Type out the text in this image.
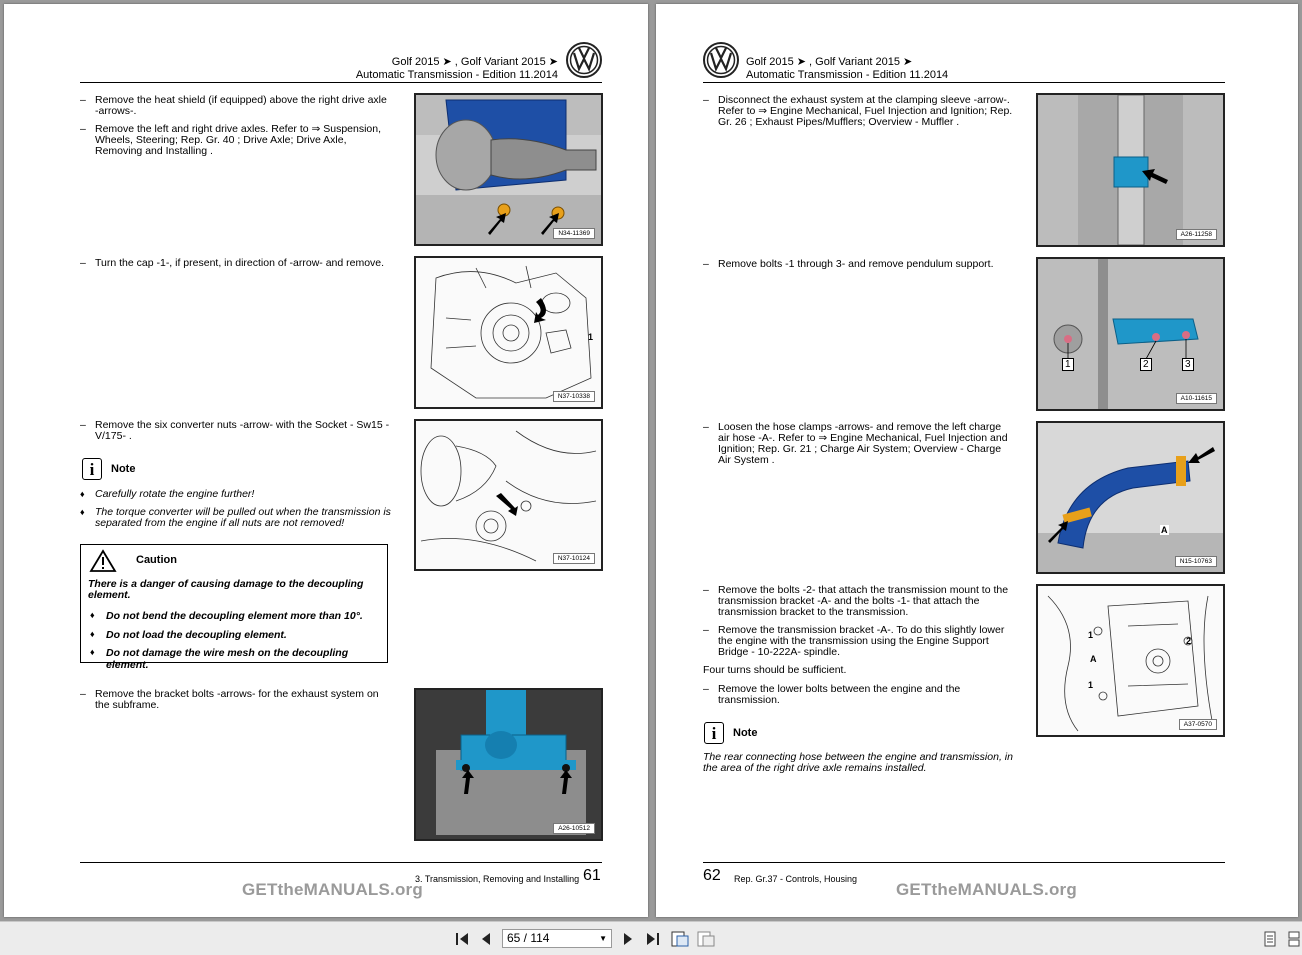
Golf 2015 ➤ , Golf Variant 2015 ➤
Automatic Transmission - Edition 11.2014
– Remove the heat shield (if equipped) above the right drive axle -arrows-.
– Remove the left and right drive axles. Refer to ⇒ Suspension, Wheels, Steering; Rep. Gr. 40 ; Drive Axle; Drive Axle, Removing and Installing .
– Turn the cap -1-, if present, in direction of -arrow- and remove.
– Remove the six converter nuts -arrow- with the Socket - Sw15 - V/175- .
i	Note
♦ Carefully rotate the engine further!
♦ The torque converter will be pulled out when the transmission is separated from the engine if all nuts are not removed!
Caution
There is a danger of causing damage to the decoupling element.
♦	Do not bend the decoupling element more than 10°.
♦	Do not load the decoupling element.
♦	Do not damage the wire mesh on the decoupling element.
– Remove the bracket bolts -arrows- for the exhaust system on the subframe.
N34-11369
1
N37-10338
N37-10124
A26-10512
3. Transmission, Removing and Installing 61
GETtheMANUALS.org
Golf 2015 ➤ , Golf Variant 2015 ➤
Automatic Transmission - Edition 11.2014
– Disconnect the exhaust system at the clamping sleeve -arrow-. Refer to ⇒ Engine Mechanical, Fuel Injection and Ignition; Rep. Gr. 26 ; Exhaust Pipes/Mufflers; Overview - Muffler .
– Remove bolts -1 through 3- and remove pendulum support.
– Loosen the hose clamps -arrows- and remove the left charge air hose -A-. Refer to ⇒ Engine Mechanical, Fuel Injection and Ignition; Rep. Gr. 21 ; Charge Air System; Overview - Charge Air System .
– Remove the bolts -2- that attach the transmission mount to the transmission bracket -A- and the bolts -1- that attach the transmission bracket to the transmission.
– Remove the transmission bracket -A-. To do this slightly lower the engine with the transmission using the Engine Support Bridge - 10-222A- spindle.
Four turns should be sufficient.
– Remove the lower bolts between the engine and the transmission.
i	Note
The rear connecting hose between the engine and transmission, in the area of the right drive axle remains installed.
A26-11258
1	2	3
A10-11615
A
N15-10763
1
2
A
1
A37-0570
62 Rep. Gr.37 - Controls, Housing
GETtheMANUALS.org
65 / 114	▼
